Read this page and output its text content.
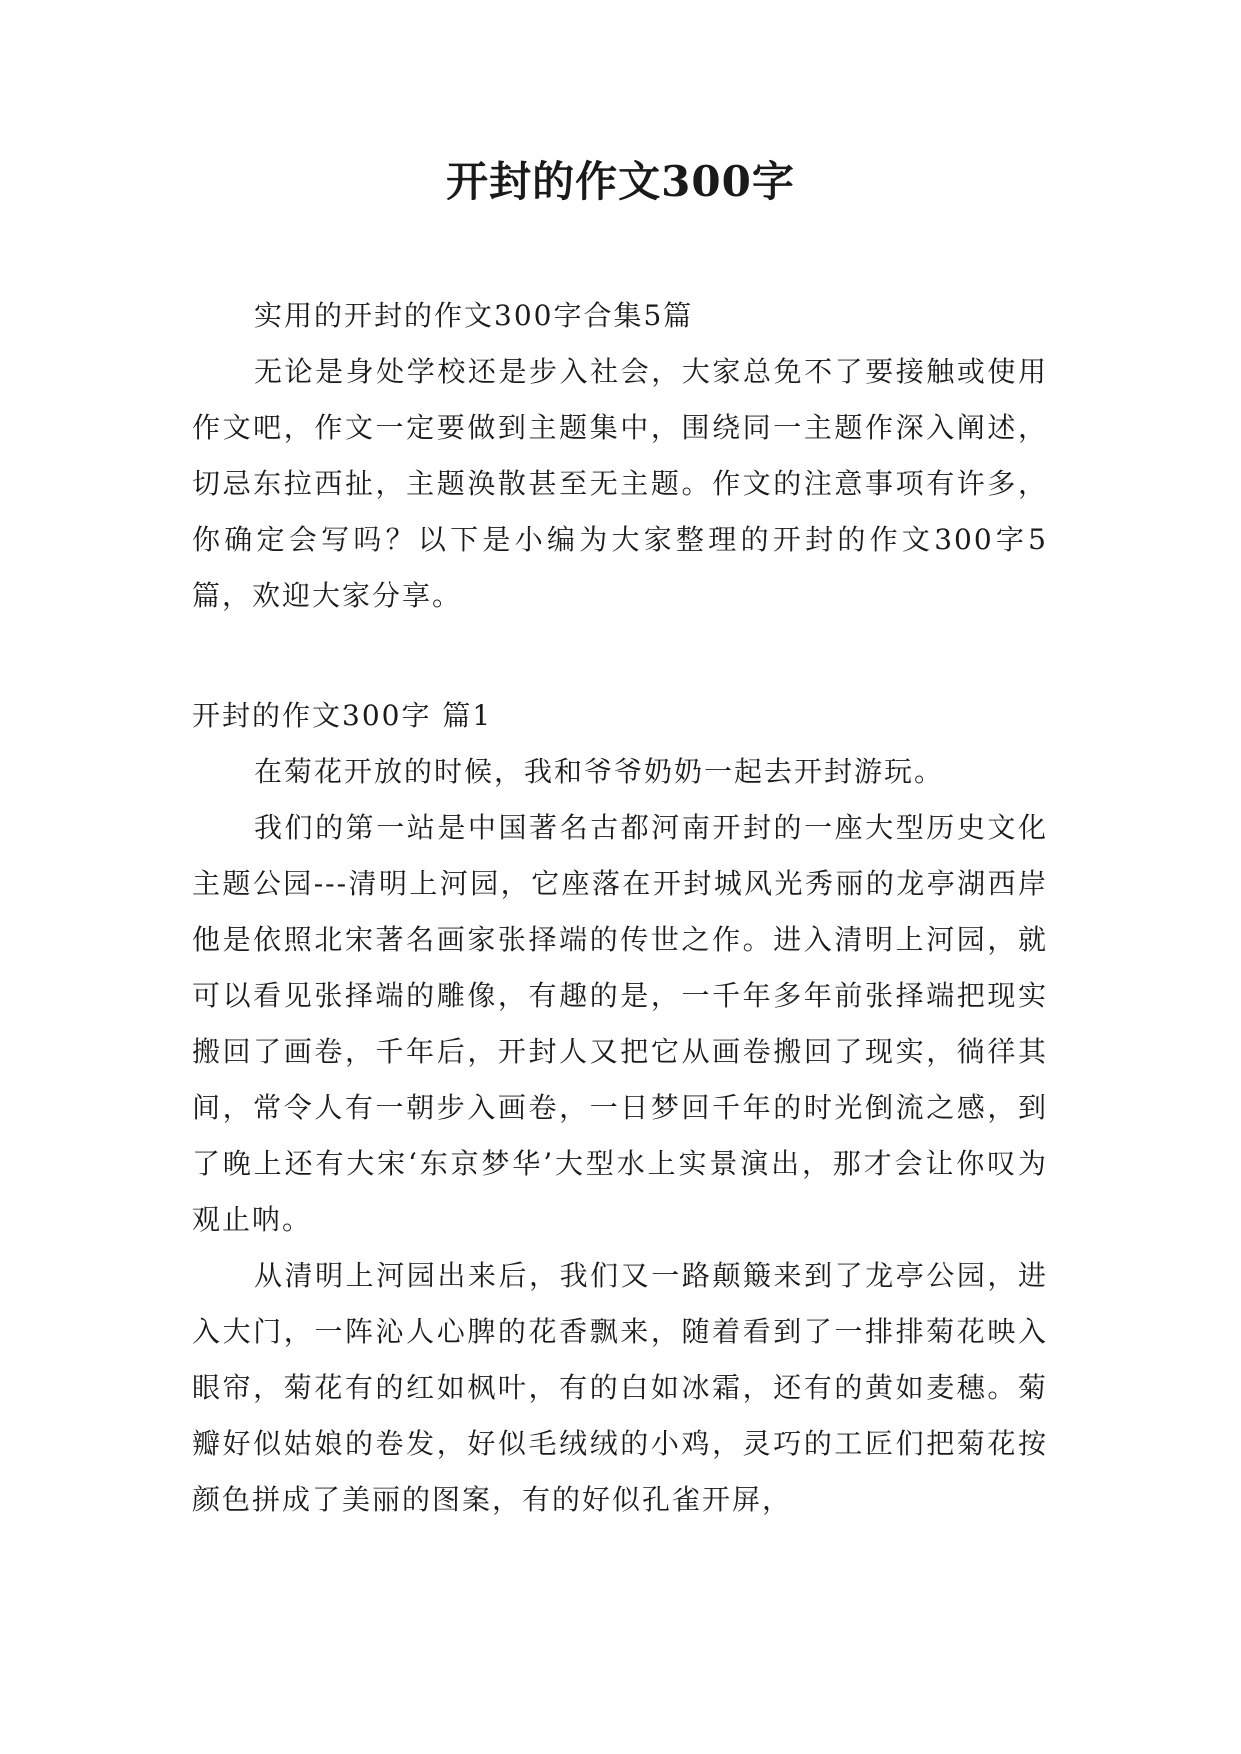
开封的作文300字

实用的开封的作文300字合集5篇

无论是身处学校还是步入社会，大家总免不了要接触或使用作文吧，作文一定要做到主题集中，围绕同一主题作深入阐述，切忌东拉西扯，主题涣散甚至无主题。作文的注意事项有许多，你确定会写吗？以下是小编为大家整理的开封的作文300字5篇，欢迎大家分享。

开封的作文300字 篇1

在菊花开放的时候，我和爷爷奶奶一起去开封游玩。

我们的第一站是中国著名古都河南开封的一座大型历史文化主题公园---清明上河园，它座落在开封城风光秀丽的龙亭湖西岸他是依照北宋著名画家张择端的传世之作。进入清明上河园，就可以看见张择端的雕像，有趣的是，一千年多年前张择端把现实搬回了画卷，千年后，开封人又把它从画卷搬回了现实，徜徉其间，常令人有一朝步入画卷，一日梦回千年的时光倒流之感，到了晚上还有大宋‘东京梦华’大型水上实景演出，那才会让你叹为观止呐。

从清明上河园出来后，我们又一路颠簸来到了龙亭公园，进入大门，一阵沁人心脾的花香飘来，随着看到了一排排菊花映入眼帘，菊花有的红如枫叶，有的白如冰霜，还有的黄如麦穗。菊瓣好似姑娘的卷发，好似毛绒绒的小鸡，灵巧的工匠们把菊花按颜色拼成了美丽的图案，有的好似孔雀开屏，
